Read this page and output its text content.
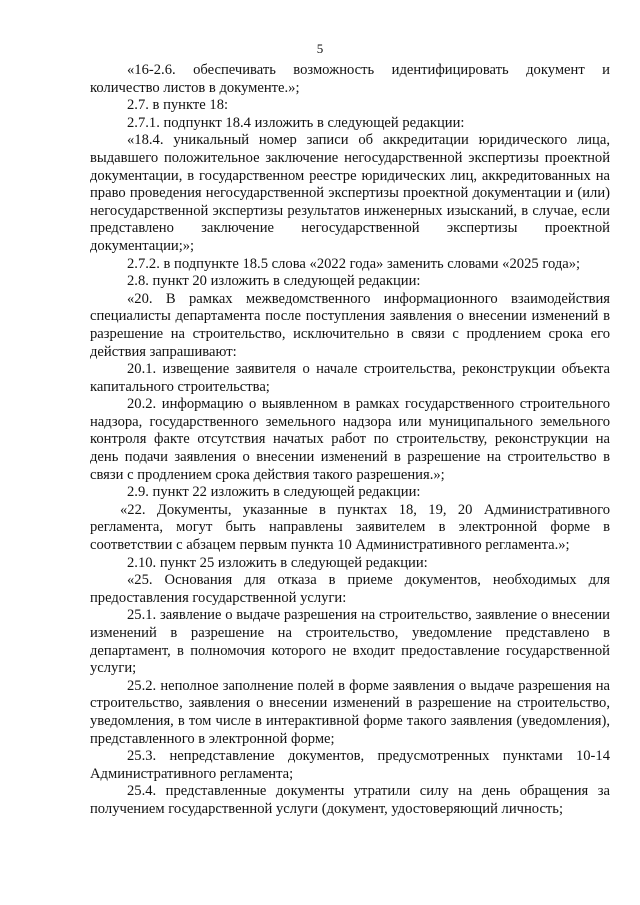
5

«16-2.6. обеспечивать возможность идентифицировать документ и количество листов в документе.»;

2.7. в пункте 18:

2.7.1. подпункт 18.4 изложить в следующей редакции:

«18.4. уникальный номер записи об аккредитации юридического лица, выдавшего положительное заключение негосударственной экспертизы проектной документации, в государственном реестре юридических лиц, аккредитованных на право проведения негосударственной экспертизы проектной документации и (или) негосударственной экспертизы результатов инженерных изысканий, в случае, если представлено заключение негосударственной экспертизы проектной документации;»;

2.7.2. в подпункте 18.5 слова «2022 года» заменить словами «2025 года»;

2.8. пункт 20 изложить в следующей редакции:

«20. В рамках межведомственного информационного взаимодействия специалисты департамента после поступления заявления о внесении изменений в разрешение на строительство, исключительно в связи с продлением срока его действия запрашивают:

20.1. извещение заявителя о начале строительства, реконструкции объекта капитального строительства;

20.2. информацию о выявленном в рамках государственного строительного надзора, государственного земельного надзора или муниципального земельного контроля факте отсутствия начатых работ по строительству, реконструкции на день подачи заявления о внесении изменений в разрешение на строительство в связи с продлением срока действия такого разрешения.»;

2.9. пункт 22 изложить в следующей редакции:

«22. Документы, указанные в пунктах 18, 19, 20 Административного регламента, могут быть направлены заявителем в электронной форме в соответствии с абзацем первым пункта 10 Административного регламента.»;

2.10. пункт 25 изложить в следующей редакции:

«25. Основания для отказа в приеме документов, необходимых для предоставления государственной услуги:

25.1. заявление о выдаче разрешения на строительство, заявление о внесении изменений в разрешение на строительство, уведомление представлено в департамент, в полномочия которого не входит предоставление государственной услуги;

25.2. неполное заполнение полей в форме заявления о выдаче разрешения на строительство, заявления о внесении изменений в разрешение на строительство, уведомления, в том числе в интерактивной форме такого заявления (уведомления), представленного в электронной форме;

25.3. непредставление документов, предусмотренных пунктами 10-14 Административного регламента;

25.4. представленные документы утратили силу на день обращения за получением государственной услуги (документ, удостоверяющий личность;
